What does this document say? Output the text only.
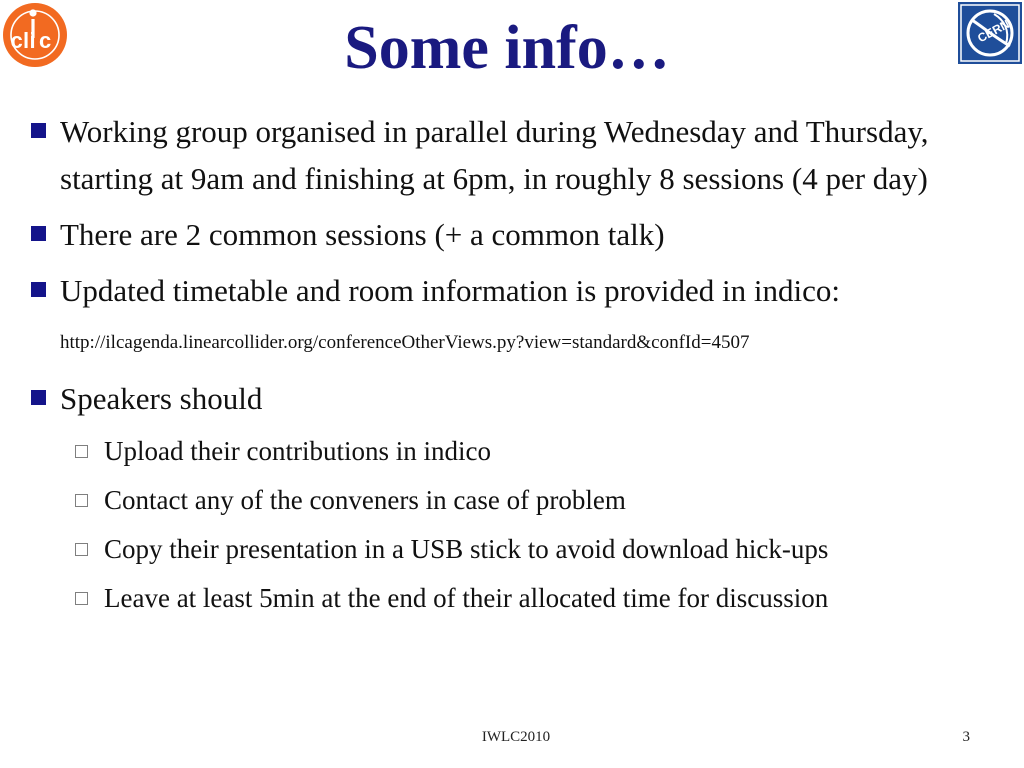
c l i c	CERN
Some info…
Working group organised in parallel during Wednesday and Thursday, starting at 9am and finishing at 6pm, in roughly 8 sessions (4 per day)
There are 2 common sessions (+ a common talk)
Updated timetable and room information is provided in indico: http://ilcagenda.linearcollider.org/conferenceOtherViews.py?view=standard&confId=4507
Speakers should
Upload their contributions in indico
Contact any of the conveners in case of problem
Copy their presentation in a USB stick to avoid download hick-ups
Leave at least 5min at the end of their allocated time for discussion
IWLC2010	3
